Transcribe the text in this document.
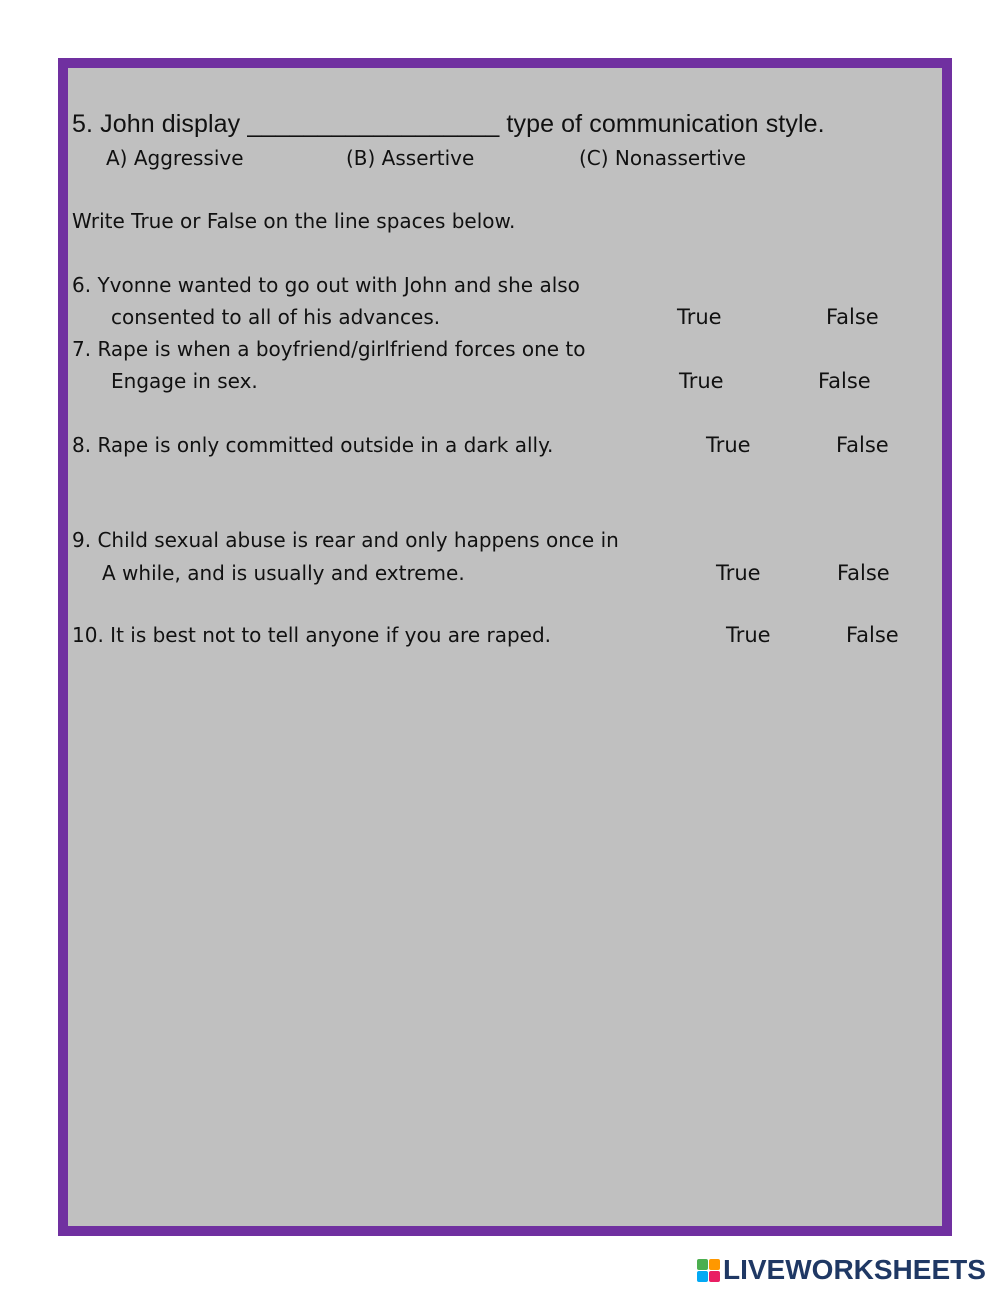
5. John display __________________ type of communication style.
A) Aggressive	(B) Assertive	(C) Nonassertive
Write True or False on the line spaces below.
6. Yvonne wanted to go out with John and she also
consented to all of his advances.	True	False
7. Rape is when a boyfriend/girlfriend forces one to
Engage in sex.	True	False
8. Rape is only committed outside in a dark ally.	True	False
9. Child sexual abuse is rear and only happens once in
A while, and is usually and extreme.	True	False
10. It is best not to tell anyone if you are raped.	True	False
LIVEWORKSHEETS
